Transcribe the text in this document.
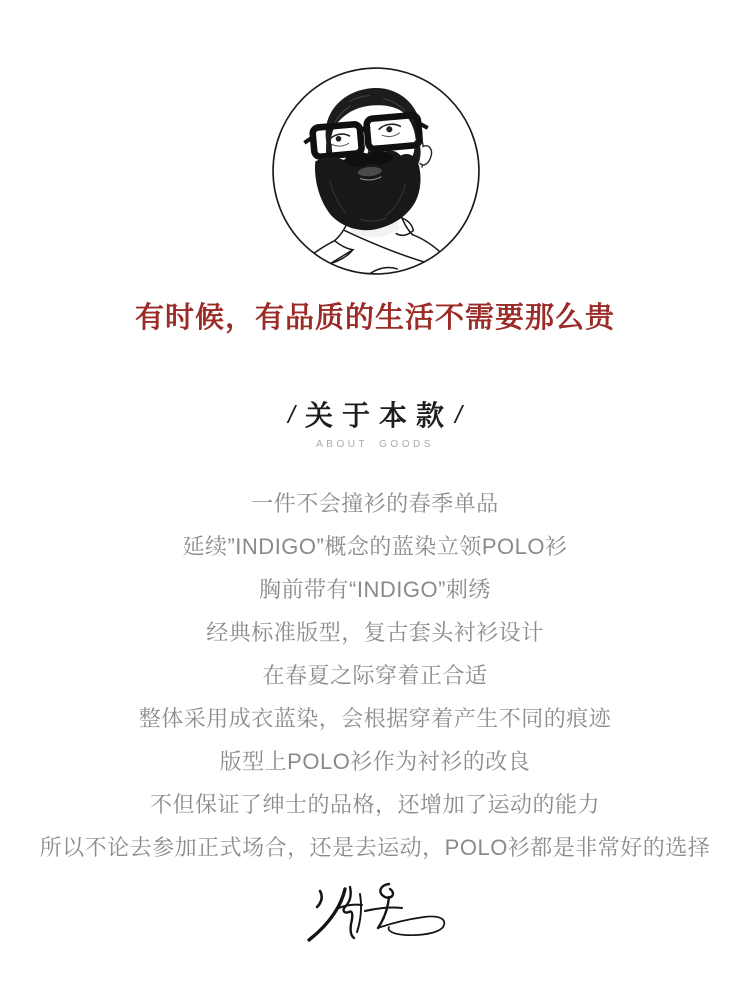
有时候，有品质的生活不需要那么贵
/ 关于本款/
ABOUT GOODS

一件不会撞衫的春季单品

延续”INDIGO”概念的蓝染立领POLO衫

胸前带有“INDIGO”刺绣

经典标准版型，复古套头衬衫设计

在春夏之际穿着正合适

整体采用成衣蓝染，会根据穿着产生不同的痕迹

版型上POLO衫作为衬衫的改良

不但保证了绅士的品格，还增加了运动的能力

所以不论去参加正式场合，还是去运动，POLO衫都是非常好的选择
